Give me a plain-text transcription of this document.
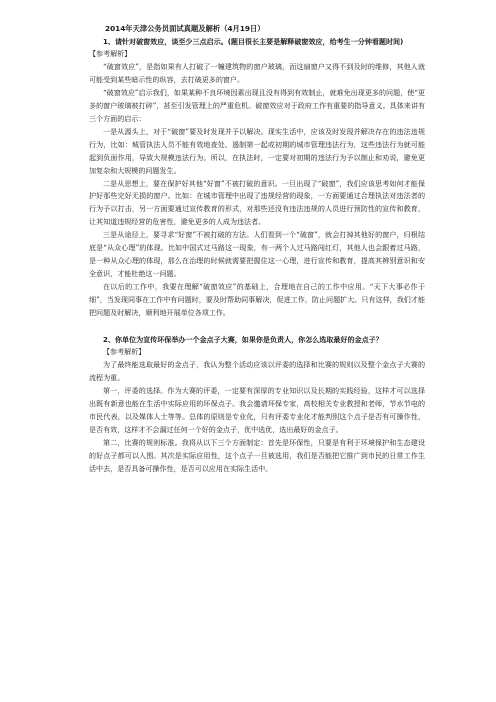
2014年天津公务员面试真题及解析（4月19日）

1、请针对破窗效应，谈至少三点启示。(题目很长主要是解释破窗效应，给考生一分钟看题时间)

【参考解析】

“破窗效应”，是指如果有人打破了一幢建筑物的窗户玻璃，而这扇窗户又得不到及时的维修，其他人就可能受到某些暗示性的纵容，去打破更多的窗户。

“破窗效应”启示我们，如果某种不良环境因素出现且没有得到有效制止，就难免出现更多的问题，使“更多的窗户玻璃被打碎”，甚至引发管理上的严重危机。破窗效应对于政府工作有重要的指导意义。具体来讲有三个方面的启示：

一是从源头上，对于“破窗”要及时发现并予以解决。现实生活中，应该及时发现并解决存在的违法违规行为，比如：城管执法人员不能有效地查处、遏制第一起或初期的城市管理违法行为，这些违法行为就可能起到负面作用，导致大规模违法行为。所以，在执法时，一定要对初期的违法行为予以制止和劝说，避免更加复杂和大规模的问题发生。

二是从思想上，要在保护好其他“好窗”不被打破的意识。一旦出现了“破窗”，我们应该思考如何才能保护好那些完好无损的窗户。比如：在城市管理中出现了违规经营的现象，一方面要通过合理执法对违法者的行为予以打击，另一方面要通过宣传教育的形式，对那些还没有违法违规的人员进行预防性的宣传和教育，让其知道违规经营的危害性，避免更多的人成为违法者。

三是从途径上，要寻求“好窗”不被打破的方法。人们看到一个“破窗”，就会打掉其他好的窗户，归根结底是“从众心理”的体现。比如中国式过马路这一现象，有一两个人过马路闯红灯，其他人也会跟着过马路，是一种从众心理的体现，那么在治理的时候就需要把握住这一心理，进行宣传和教育，提高其辨别意识和安全意识，才能杜绝这一问题。

在以后的工作中，我要在理解“破窗效应”的基础上，合理地在自己的工作中应用。“天下大事必作于细”，当发现同事在工作中有问题时，要及时帮助同事解决，促进工作，防止问题扩大。只有这样，我们才能把问题及时解决，顺利地开展单位各项工作。

2、你单位为宣传环保举办一个金点子大赛，如果你是负责人，你怎么选取最好的金点子？

【参考解析】

为了最终能选取最好的金点子，我认为整个活动应该以评委的选择和比赛的规则以及整个金点子大赛的流程为重。

第一，评委的选择。作为大赛的评委，一定要有深厚的专业知识以及长期的实践经验，这样才可以选择出既有新意也能在生活中实际应用的环保点子。我会邀请环保专家，高校相关专业教授和老师，节水节电的市民代表，以及媒体人士等等。总体的原则是专业化，只有评委专业化才能判别这个点子是否有可操作性，是否有效，这样才不会漏过任何一个好的金点子，优中选优，选出最好的金点子。

第二，比赛的规则标准。我将从以下三个方面制定：首先是环保性，只要是有利于环境保护和生态建设的好点子都可以入围。其次是实际应用性，这个点子一旦被选用，我们是否能把它推广到市民的日常工作生活中去，是否具备可操作性，是否可以应用在实际生活中。
